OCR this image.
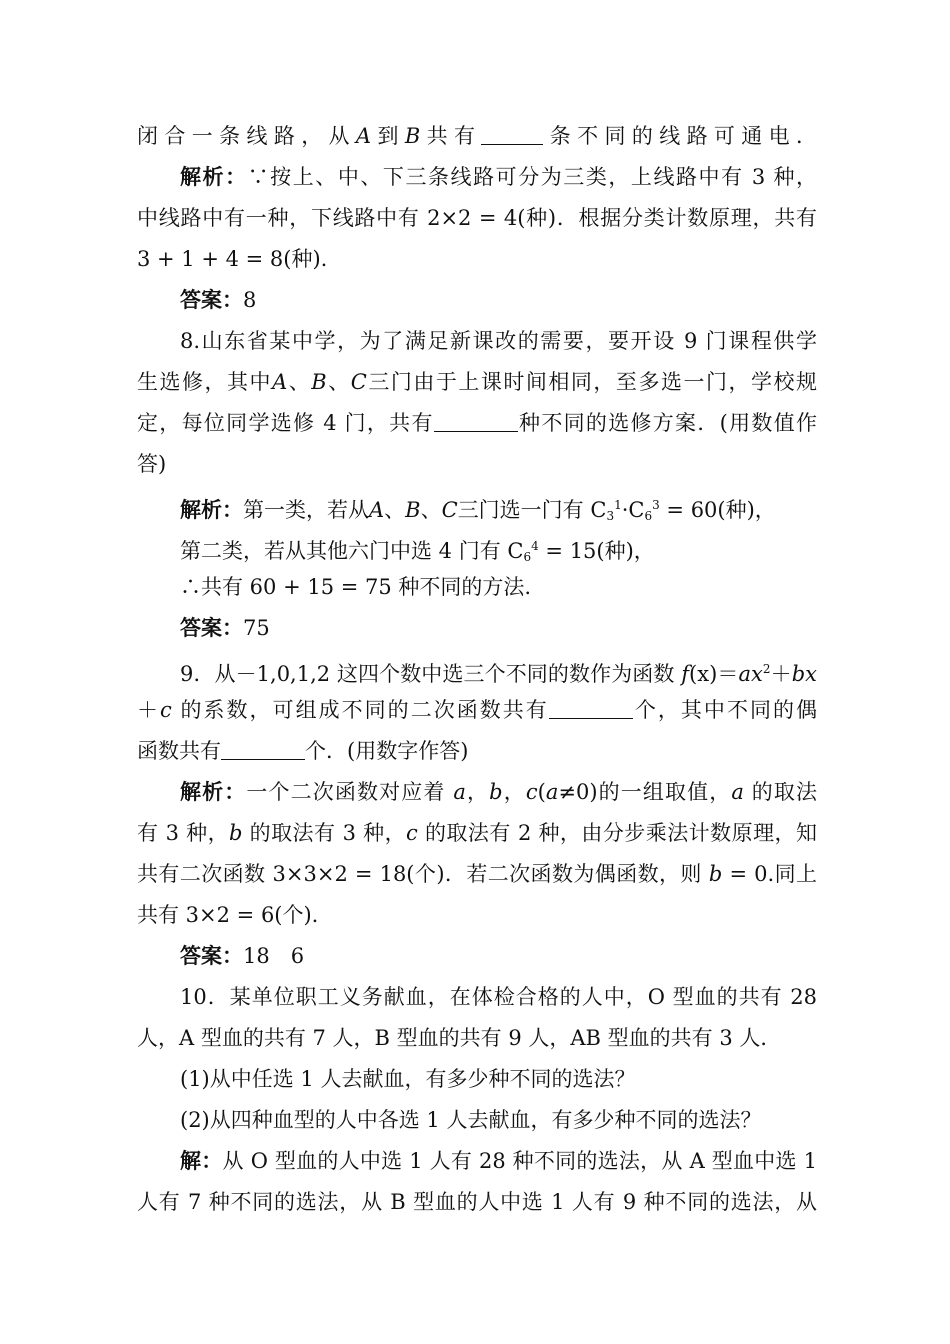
闭合一条线路，从A到B共有	条不同的线路可通电．
解析：∵按上、中、下三条线路可分为三类，上线路中有 3 种，
中线路中有一种，下线路中有 2×2 = 4(种)．根据分类计数原理，共有
3 + 1 + 4 = 8(种).
答案：8
8.山东省某中学，为了满足新课改的需要，要开设 9 门课程供学
生选修，其中A、B、C三门由于上课时间相同，至多选一门，学校规
定，每位同学选修 4 门，共有	种不同的选修方案．(用数值作
答)
解析：第一类，若从A、B、C三门选一门有 $C_3^1\cdot C_6^3 = 60$(种)，
第二类，若从其他六门中选 4 门有 $C_6^4 = 15$(种)，
∴共有 60 + 15 = 75 种不同的方法.
答案：75
9．从－1,0,1,2 这四个数中选三个不同的数作为函数 $f(x)=ax^2+bx$
＋c 的系数，可组成不同的二次函数共有	个，其中不同的偶
函数共有	个．(用数字作答)
解析：一个二次函数对应着 a，b，c(a≠0)的一组取值，a 的取法
有 3 种，b 的取法有 3 种，c 的取法有 2 种，由分步乘法计数原理，知
共有二次函数 3×3×2 = 18(个)．若二次函数为偶函数，则 b = 0.同上
共有 3×2 = 6(个).
答案：18　6
10．某单位职工义务献血，在体检合格的人中，O 型血的共有 28
人，A 型血的共有 7 人，B 型血的共有 9 人，AB 型血的共有 3 人．
(1)从中任选 1 人去献血，有多少种不同的选法？
(2)从四种血型的人中各选 1 人去献血，有多少种不同的选法？
解：从 O 型血的人中选 1 人有 28 种不同的选法，从 A 型血中选 1
人有 7 种不同的选法，从 B 型血的人中选 1 人有 9 种不同的选法，从
